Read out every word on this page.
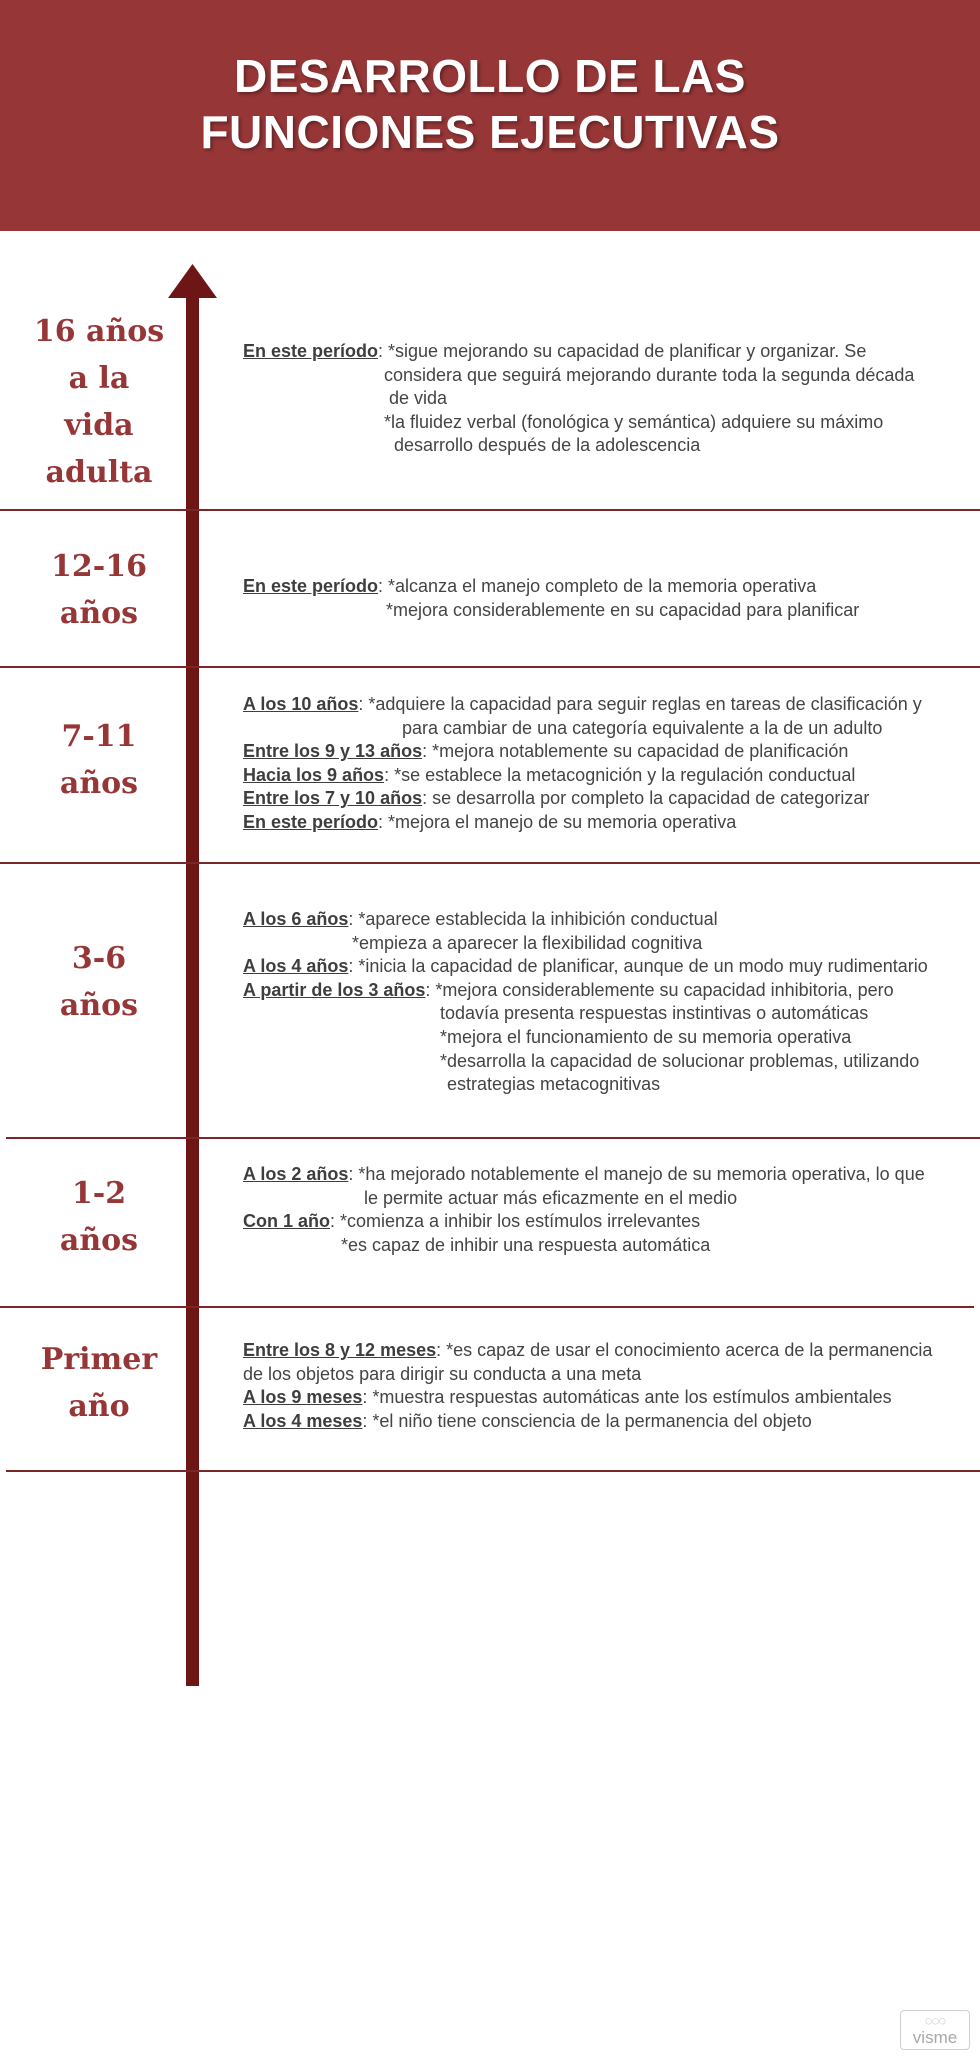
DESARROLLO DE LAS
FUNCIONES EJECUTIVAS
16 años
a la
vida
adulta
En este período: *sigue mejorando su capacidad de planificar y organizar. Se
considera que seguirá mejorando durante toda la segunda década
de vida
*la fluidez verbal (fonológica y semántica) adquiere su máximo
desarrollo después de la adolescencia
12-16
años
En este período: *alcanza el manejo completo de la memoria operativa
*mejora considerablemente en su capacidad para planificar
7-11
años
A los 10 años: *adquiere la capacidad para seguir reglas en tareas de clasificación y
para cambiar de una categoría equivalente a la de un adulto
Entre los 9 y 13 años: *mejora notablemente su capacidad de planificación
Hacia los 9 años: *se establece la metacognición y la regulación conductual
Entre los 7 y 10 años: se desarrolla por completo la capacidad de categorizar
En este período: *mejora el manejo de su memoria operativa
3-6
años
A los 6 años: *aparece establecida la inhibición conductual
*empieza a aparecer la flexibilidad cognitiva
A los 4 años: *inicia la capacidad de planificar, aunque de un modo muy rudimentario
A partir de los 3 años: *mejora considerablemente su capacidad inhibitoria, pero
todavía presenta respuestas instintivas o automáticas
*mejora el funcionamiento de su memoria operativa
*desarrolla la capacidad de solucionar problemas, utilizando
estrategias metacognitivas
1-2
años
A los 2 años: *ha mejorado notablemente el manejo de su memoria operativa, lo que
le permite actuar más eficazmente en el medio
Con 1 año: *comienza a inhibir los estímulos irrelevantes
*es capaz de inhibir una respuesta automática
Primer
año
Entre los 8 y 12 meses: *es capaz de usar el conocimiento acerca de la permanencia
de los objetos para dirigir su conducta a una meta
A los 9 meses: *muestra respuestas automáticas ante los estímulos ambientales
A los 4 meses: *el niño tiene consciencia de la permanencia del objeto
◌◌◌
visme
